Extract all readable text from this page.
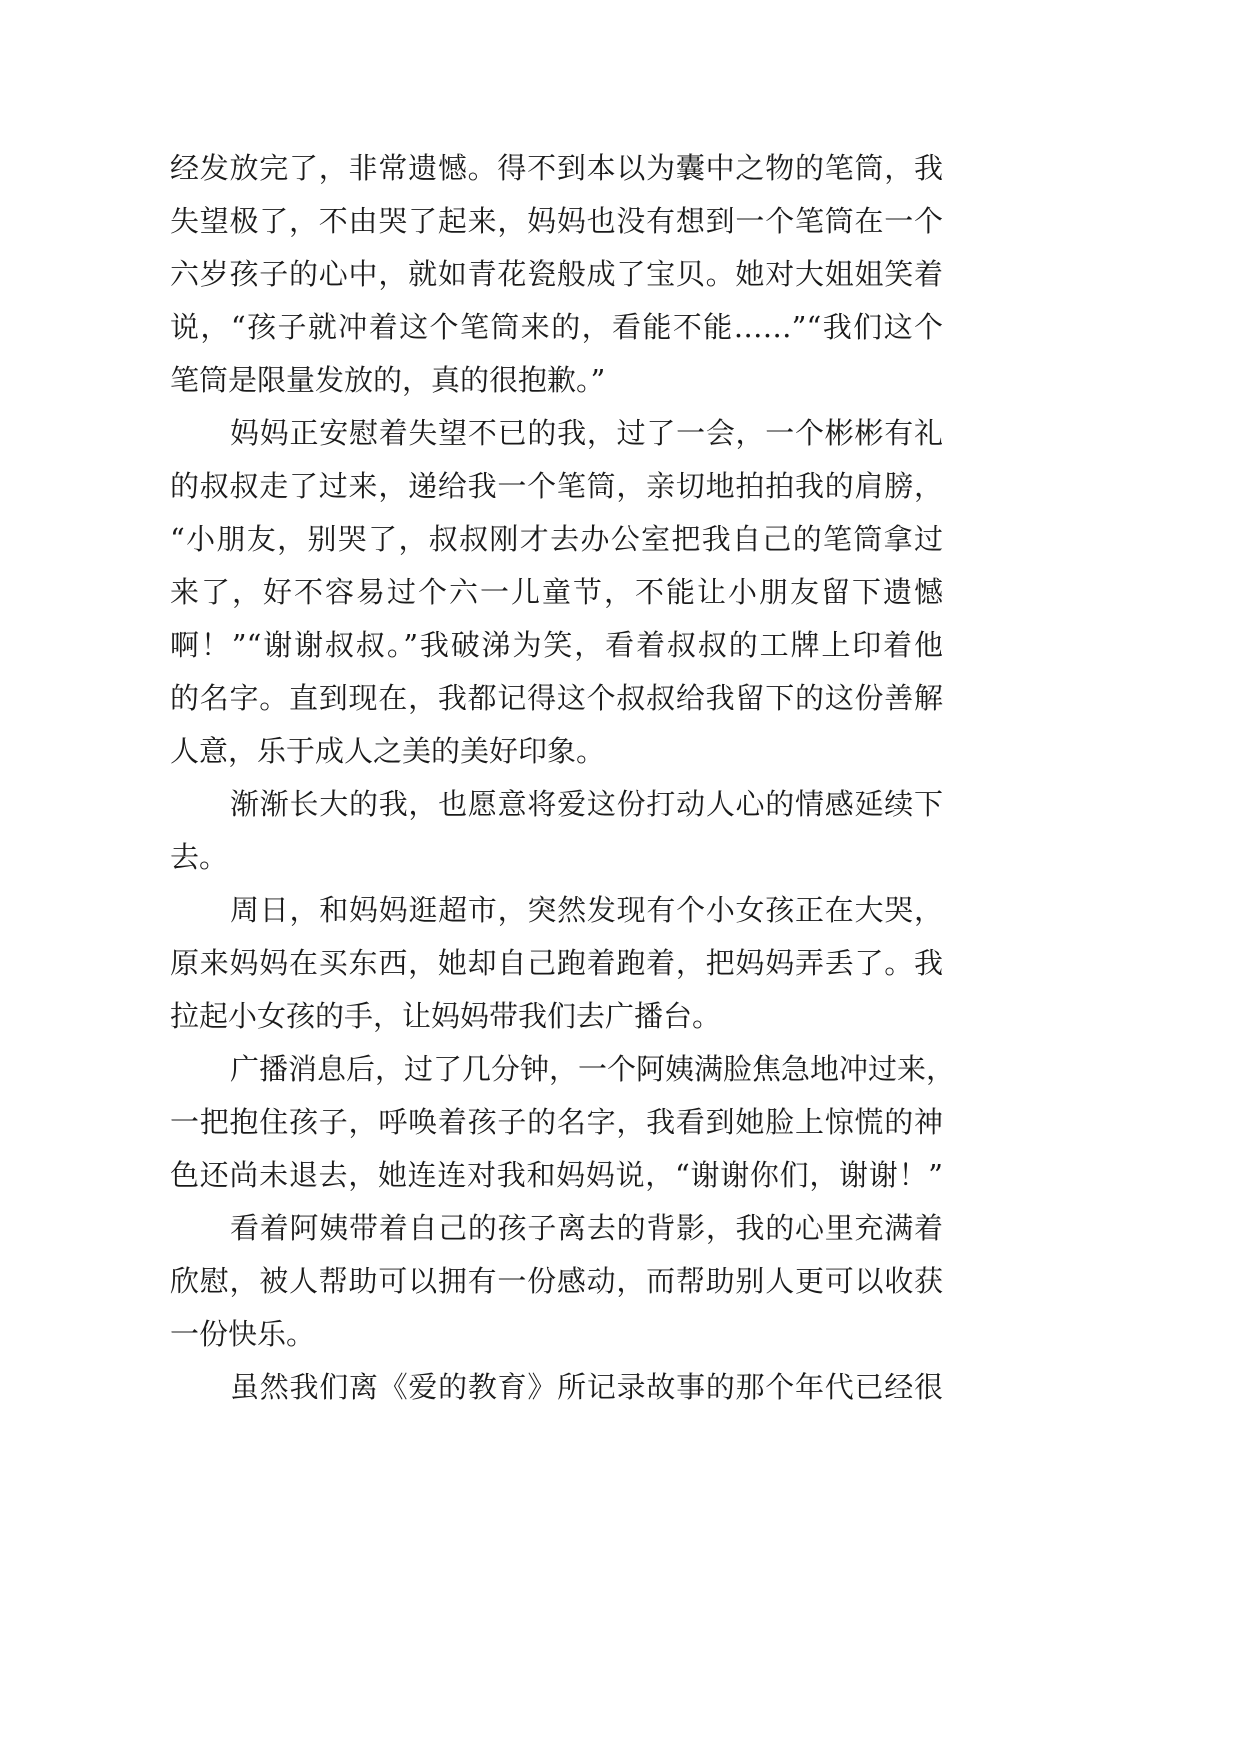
经发放完了，非常遗憾。得不到本以为囊中之物的笔筒，我
失望极了，不由哭了起来，妈妈也没有想到一个笔筒在一个
六岁孩子的心中，就如青花瓷般成了宝贝。她对大姐姐笑着
说，“孩子就冲着这个笔筒来的，看能不能……”“我们这个
笔筒是限量发放的，真的很抱歉。”
妈妈正安慰着失望不已的我，过了一会，一个彬彬有礼
的叔叔走了过来，递给我一个笔筒，亲切地拍拍我的肩膀，
“小朋友，别哭了，叔叔刚才去办公室把我自己的笔筒拿过
来了，好不容易过个六一儿童节，不能让小朋友留下遗憾
啊！”“谢谢叔叔。”我破涕为笑，看着叔叔的工牌上印着他
的名字。直到现在，我都记得这个叔叔给我留下的这份善解
人意，乐于成人之美的美好印象。
渐渐长大的我，也愿意将爱这份打动人心的情感延续下
去。
周日，和妈妈逛超市，突然发现有个小女孩正在大哭，
原来妈妈在买东西，她却自己跑着跑着，把妈妈弄丢了。我
拉起小女孩的手，让妈妈带我们去广播台。
广播消息后，过了几分钟，一个阿姨满脸焦急地冲过来，
一把抱住孩子，呼唤着孩子的名字，我看到她脸上惊慌的神
色还尚未退去，她连连对我和妈妈说，“谢谢你们，谢谢！”
看着阿姨带着自己的孩子离去的背影，我的心里充满着
欣慰，被人帮助可以拥有一份感动，而帮助别人更可以收获
一份快乐。
虽然我们离《爱的教育》所记录故事的那个年代已经很
